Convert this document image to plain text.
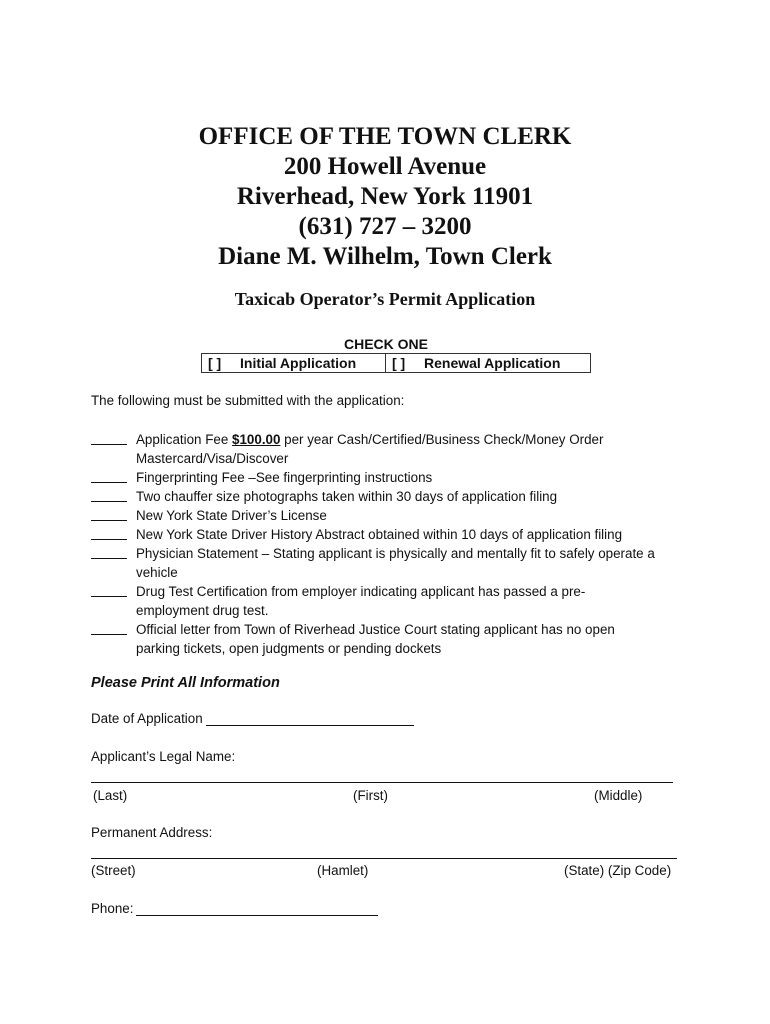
OFFICE OF THE TOWN CLERK
200 Howell Avenue
Riverhead, New York 11901
(631) 727 – 3200
Diane M. Wilhelm, Town Clerk
Taxicab Operator’s Permit Application
CHECK ONE
[ ]	Initial Application	[ ]	Renewal Application
The following must be submitted with the application:
Application Fee $100.00 per year Cash/Certified/Business Check/Money Order
Mastercard/Visa/Discover
Fingerprinting Fee –See fingerprinting instructions
Two chauffer size photographs taken within 30 days of application filing
New York State Driver’s License
New York State Driver History Abstract obtained within 10 days of application filing
Physician Statement – Stating applicant is physically and mentally fit to safely operate a
vehicle
Drug Test Certification from employer indicating applicant has passed a pre-
employment drug test.
Official letter from Town of Riverhead Justice Court stating applicant has no open
parking tickets, open judgments or pending dockets
Please Print All Information
Date of Application
Applicant’s Legal Name:
(Last)	(First)	(Middle)
Permanent Address:
(Street)	(Hamlet)	(State) (Zip Code)
Phone:
